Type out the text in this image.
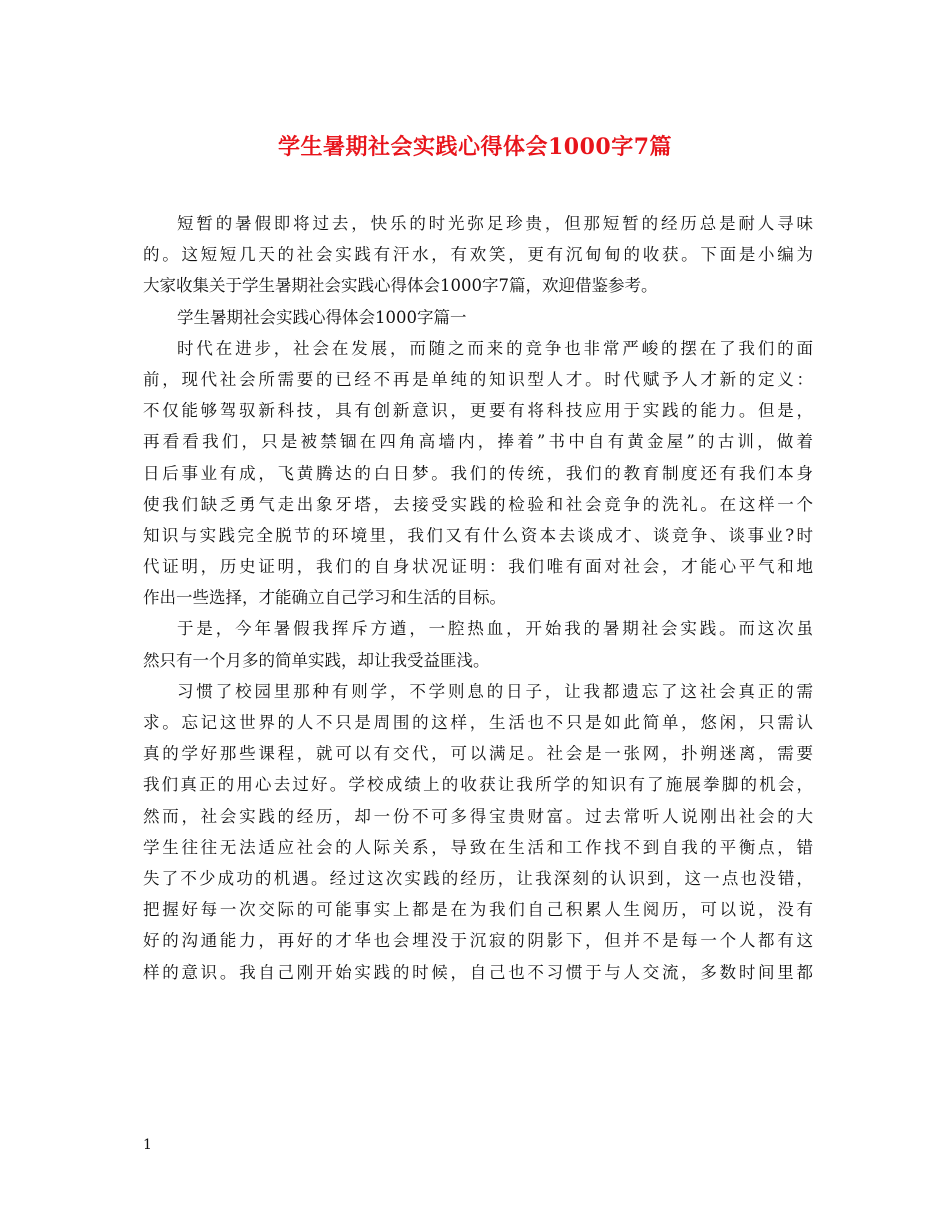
学生暑期社会实践心得体会1000字7篇
短暂的暑假即将过去，快乐的时光弥足珍贵，但那短暂的经历总是耐人寻味
的。这短短几天的社会实践有汗水，有欢笑，更有沉甸甸的收获。下面是小编为
大家收集关于学生暑期社会实践心得体会1000字7篇，欢迎借鉴参考。
学生暑期社会实践心得体会1000字篇一
时代在进步，社会在发展，而随之而来的竞争也非常严峻的摆在了我们的面
前，现代社会所需要的已经不再是单纯的知识型人才。时代赋予人才新的定义：
不仅能够驾驭新科技，具有创新意识，更要有将科技应用于实践的能力。但是，
再看看我们，只是被禁锢在四角高墙内，捧着”书中自有黄金屋”的古训，做着
日后事业有成，飞黄腾达的白日梦。我们的传统，我们的教育制度还有我们本身
使我们缺乏勇气走出象牙塔，去接受实践的检验和社会竞争的洗礼。在这样一个
知识与实践完全脱节的环境里，我们又有什么资本去谈成才、谈竞争、谈事业?时
代证明，历史证明，我们的自身状况证明：我们唯有面对社会，才能心平气和地
作出一些选择，才能确立自己学习和生活的目标。
于是，今年暑假我挥斥方遒，一腔热血，开始我的暑期社会实践。而这次虽
然只有一个月多的简单实践，却让我受益匪浅。
习惯了校园里那种有则学，不学则息的日子，让我都遗忘了这社会真正的需
求。忘记这世界的人不只是周围的这样，生活也不只是如此简单，悠闲，只需认
真的学好那些课程，就可以有交代，可以满足。社会是一张网，扑朔迷离，需要
我们真正的用心去过好。学校成绩上的收获让我所学的知识有了施展拳脚的机会，
然而，社会实践的经历，却一份不可多得宝贵财富。过去常听人说刚出社会的大
学生往往无法适应社会的人际关系，导致在生活和工作找不到自我的平衡点，错
失了不少成功的机遇。经过这次实践的经历，让我深刻的认识到，这一点也没错，
把握好每一次交际的可能事实上都是在为我们自己积累人生阅历，可以说，没有
好的沟通能力，再好的才华也会埋没于沉寂的阴影下，但并不是每一个人都有这
样的意识。我自己刚开始实践的时候，自己也不习惯于与人交流，多数时间里都
1
